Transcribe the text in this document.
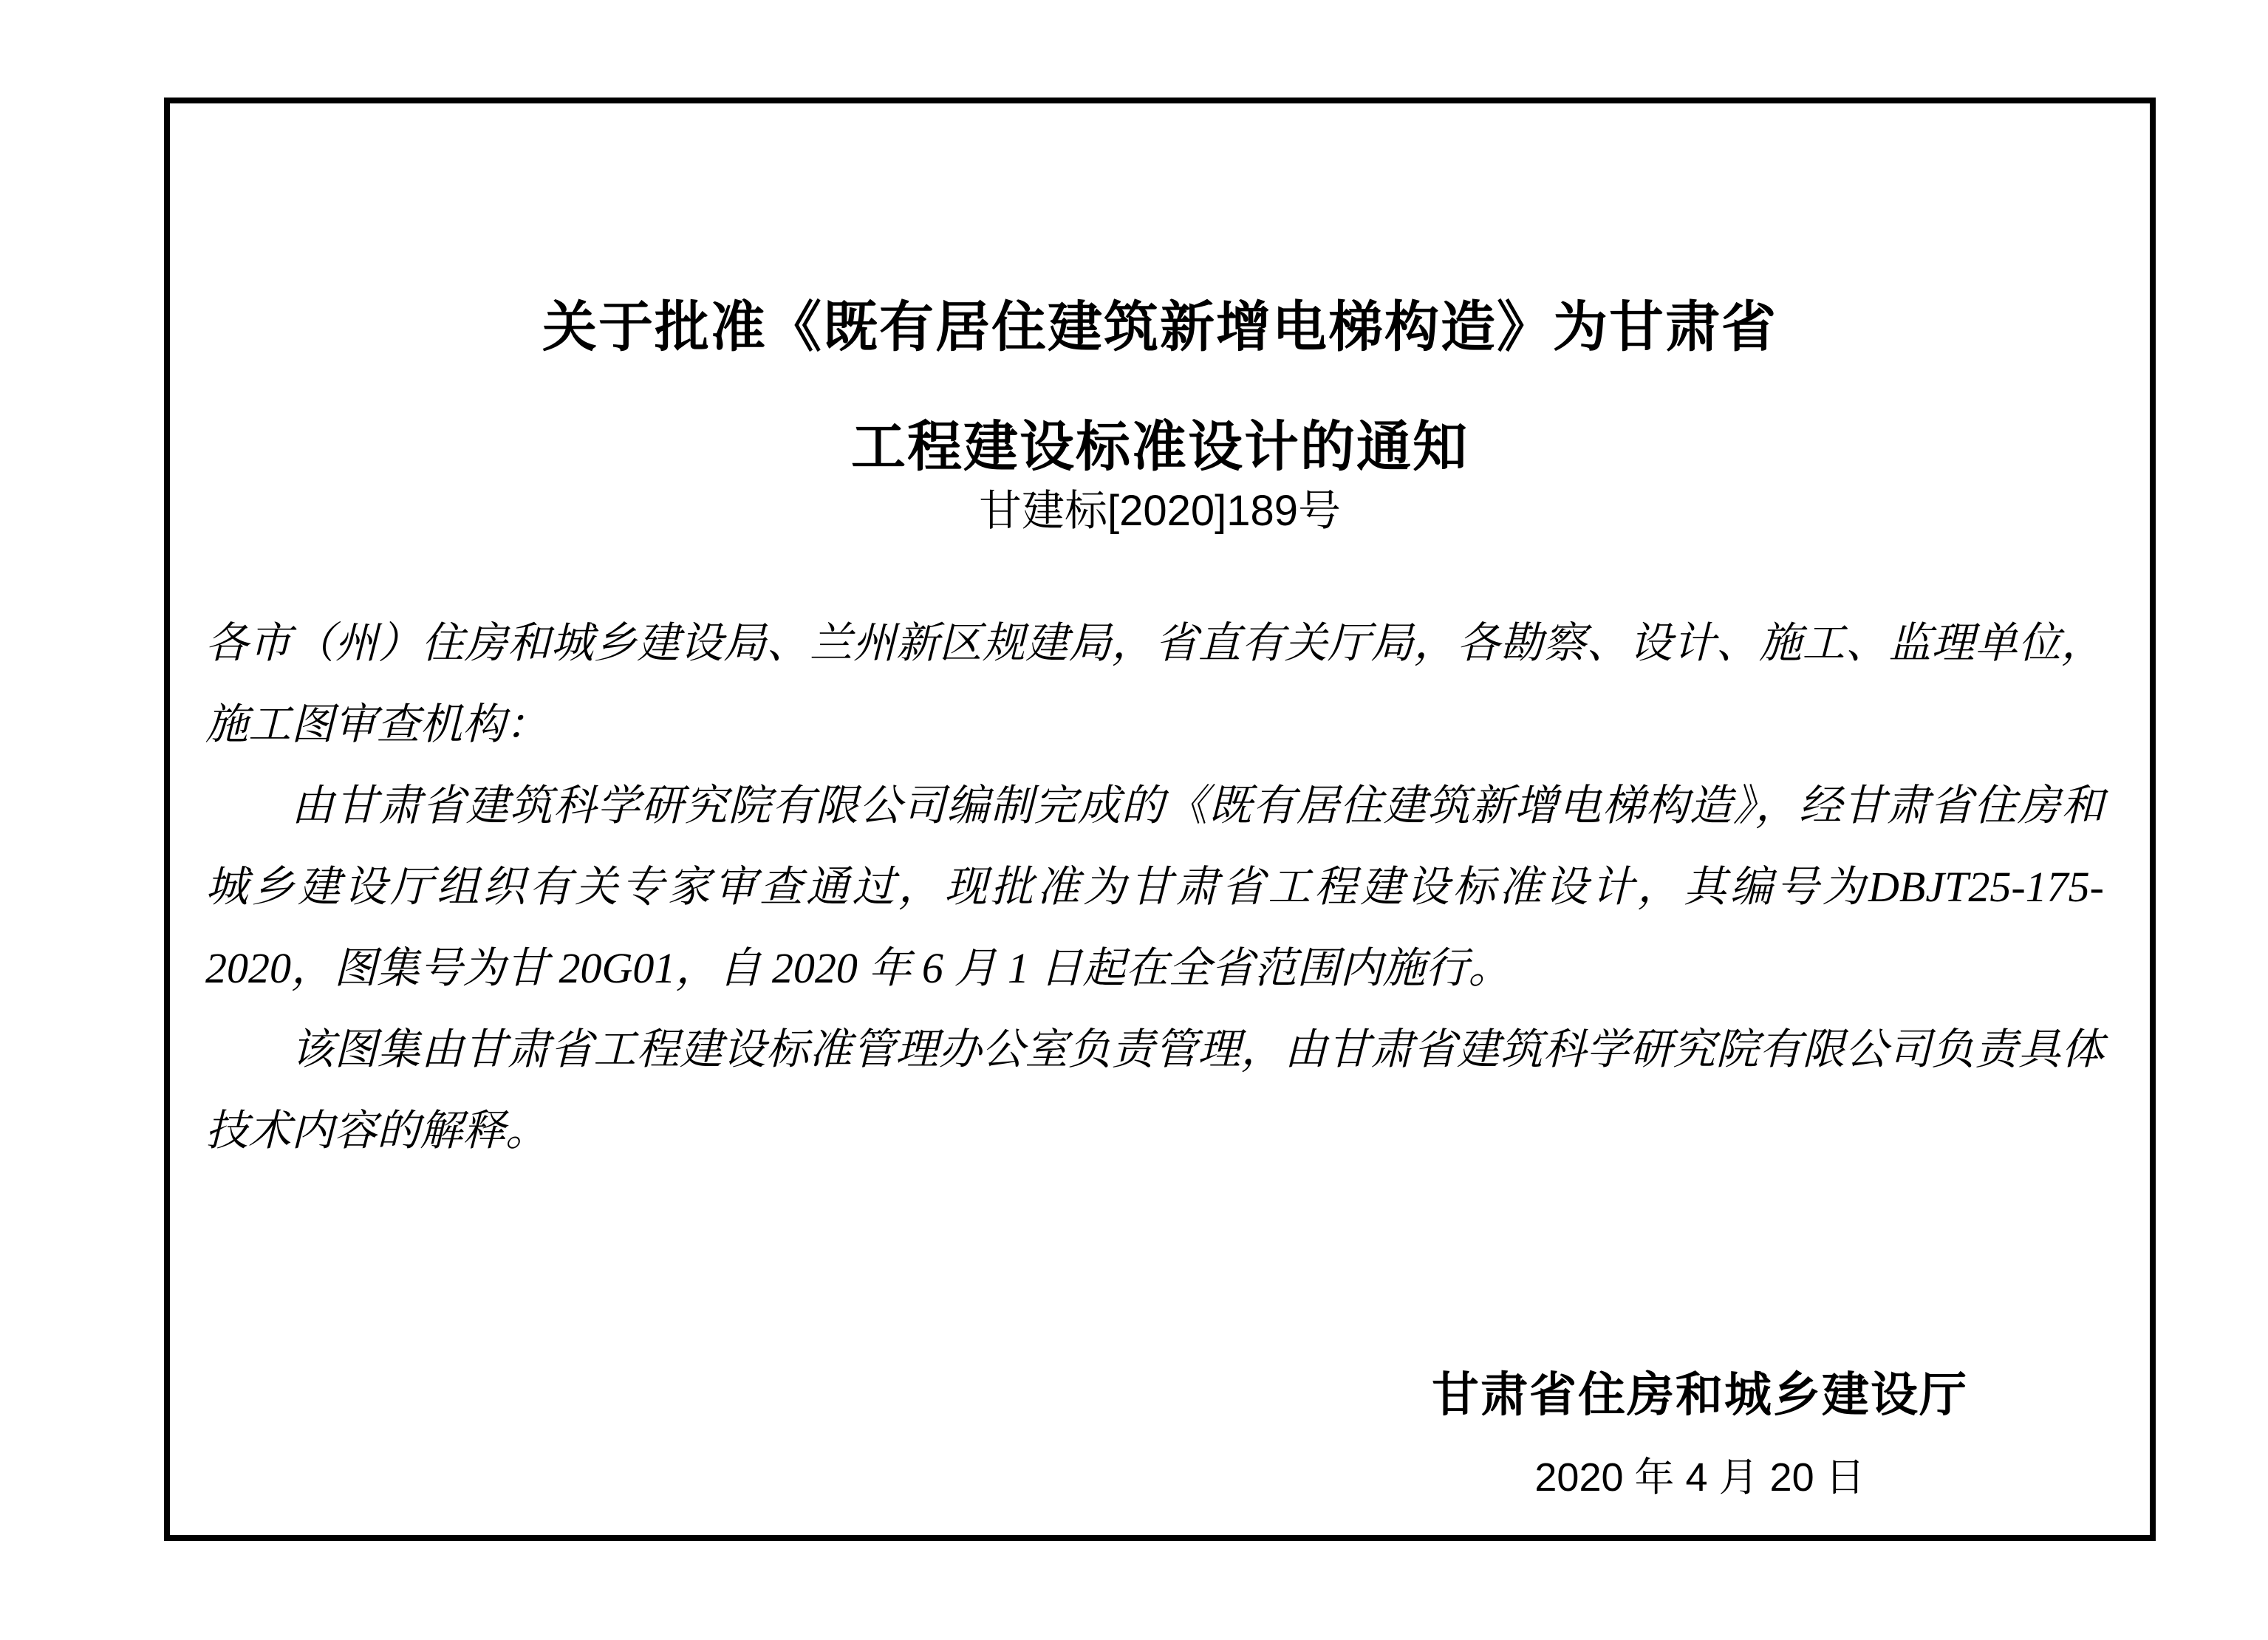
关于批准《既有居住建筑新增电梯构造》为甘肃省
工程建设标准设计的通知
甘建标[2020]189号

各市（州）住房和城乡建设局、兰州新区规建局，省直有关厅局，各勘察、设计、施工、监理单位，施工图审查机构：

由甘肃省建筑科学研究院有限公司编制完成的《既有居住建筑新增电梯构造》，经甘肃省住房和城乡建设厅组织有关专家审查通过，现批准为甘肃省工程建设标准设计，其编号为DBJT25-175-2020，图集号为甘 20G01，自 2020 年 6 月 1 日起在全省范围内施行。

该图集由甘肃省工程建设标准管理办公室负责管理，由甘肃省建筑科学研究院有限公司负责具体技术内容的解释。

甘肃省住房和城乡建设厅
2020 年 4 月 20 日
